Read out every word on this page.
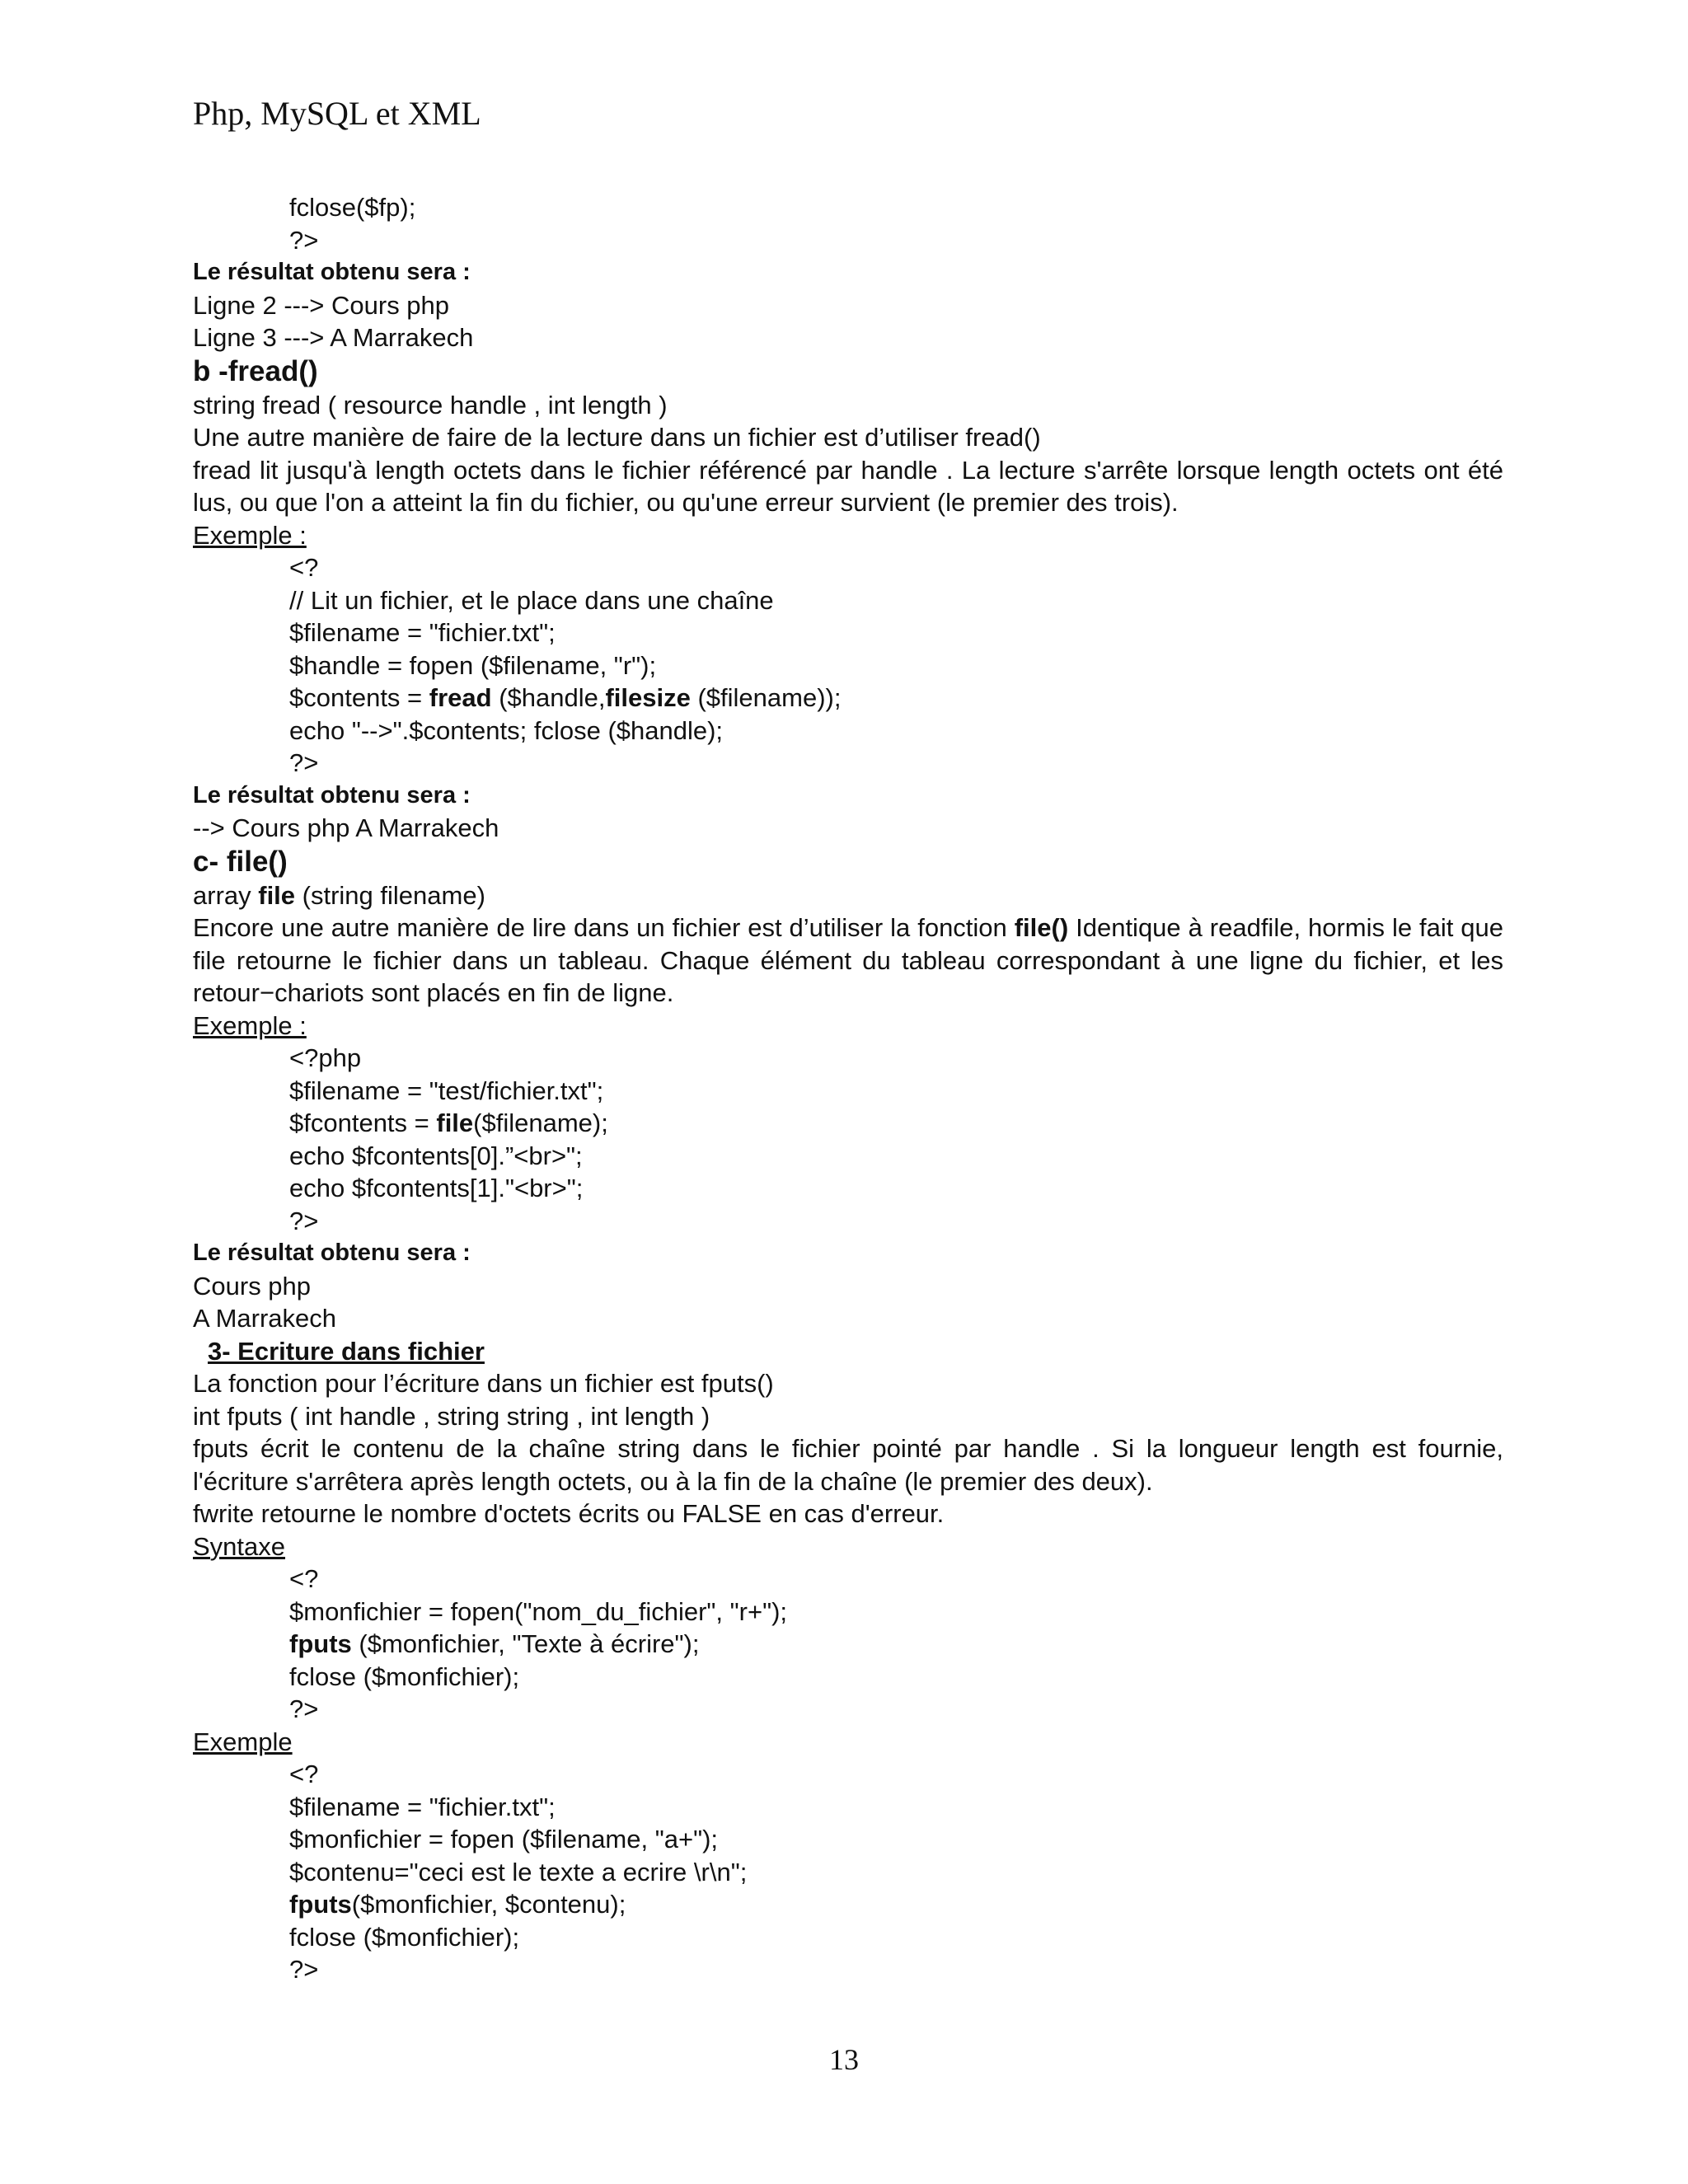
Php, MySQL et XML

fclose($fp);

?>

Le résultat obtenu sera :

Ligne 2 ---> Cours php

Ligne 3 ---> A Marrakech

b -fread()

string fread ( resource handle , int length )

Une autre manière de faire de la lecture dans un fichier est d’utiliser fread()

fread lit jusqu'à length octets dans le fichier référencé par handle . La lecture s'arrête lorsque length octets ont été lus, ou que l'on a atteint la fin du fichier, ou qu'une erreur survient (le premier des trois).

Exemple :

<?

// Lit un fichier, et le place dans une chaîne

$filename = "fichier.txt";

$handle = fopen ($filename, "r");

$contents = fread ($handle,filesize ($filename));

echo "-->".$contents; fclose ($handle);

?>

Le résultat obtenu sera :

--> Cours php A Marrakech

c- file()

array file (string filename)

Encore une autre manière de lire dans un fichier est d’utiliser la fonction file() Identique à readfile, hormis le fait que file retourne le fichier dans un tableau. Chaque élément du tableau correspondant à une ligne du fichier, et les retour−chariots sont placés en fin de ligne.

Exemple :

<?php

$filename = "test/fichier.txt";

$fcontents = file($filename);

echo $fcontents[0].”<br>";

echo $fcontents[1]."<br>";

?>

Le résultat obtenu sera :

Cours php

A Marrakech

3- Ecriture dans fichier

La fonction pour l’écriture dans un fichier est fputs()

int fputs ( int handle , string string , int length )

fputs écrit le contenu de la chaîne string dans le fichier pointé par handle . Si la longueur length est fournie, l'écriture s'arrêtera après length octets, ou à la fin de la chaîne (le premier des deux).

fwrite retourne le nombre d'octets écrits ou FALSE en cas d'erreur.

Syntaxe

<?

$monfichier = fopen("nom_du_fichier", "r+");

fputs ($monfichier, "Texte à écrire");

fclose ($monfichier);

?>

Exemple

<?

$filename = "fichier.txt";

$monfichier = fopen ($filename, "a+");

$contenu="ceci est le texte a ecrire \r\n";

fputs($monfichier, $contenu);

fclose ($monfichier);

?>

13
